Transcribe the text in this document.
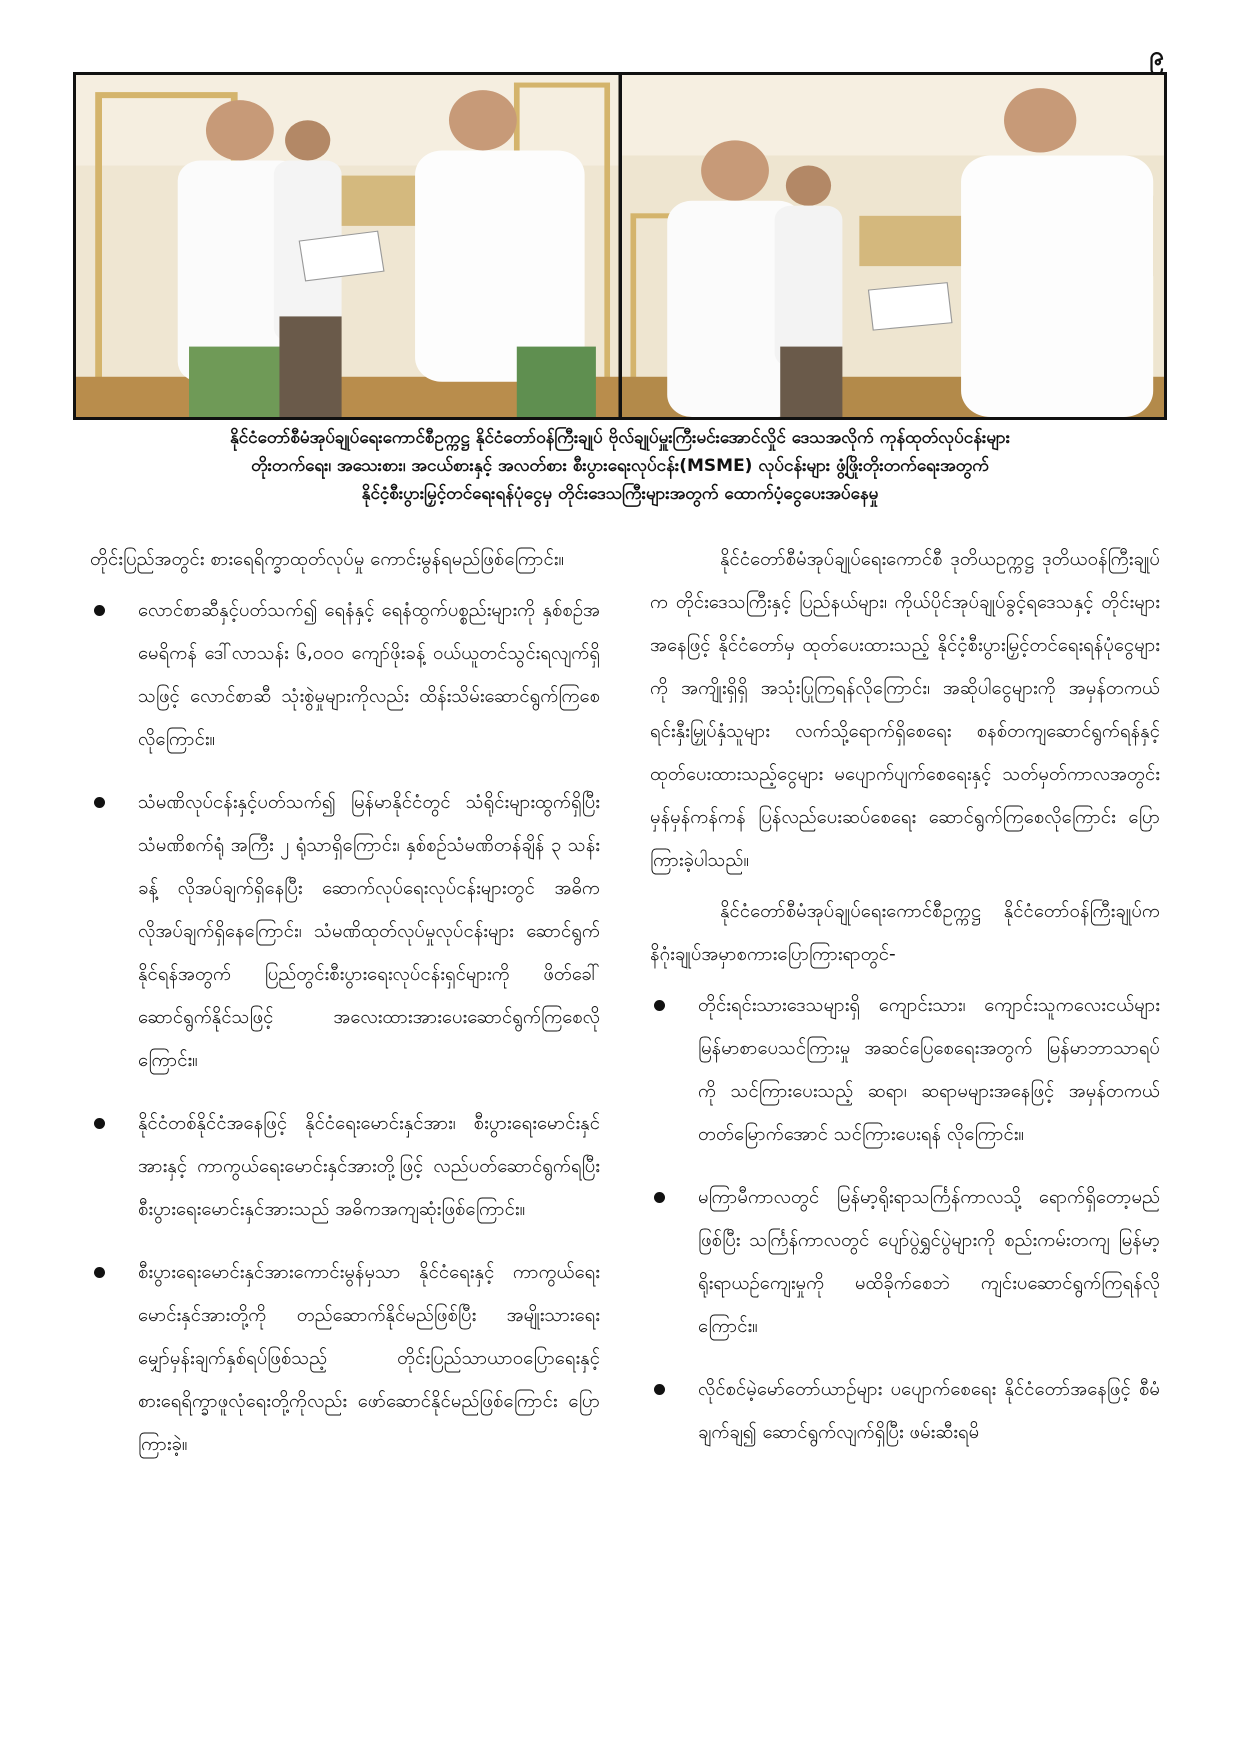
၉
နိုင်ငံတော်စီမံအုပ်ချုပ်ရေးကောင်စီဥက္ကဋ္ဌ နိုင်ငံတော်ဝန်ကြီးချုပ် ဗိုလ်ချုပ်မှူးကြီးမင်းအောင်လှိုင် ဒေသအလိုက် ကုန်ထုတ်လုပ်ငန်းများ
တိုးတက်ရေး၊ အသေးစား၊ အငယ်စားနှင့် အလတ်စား စီးပွားရေးလုပ်ငန်း(MSME) လုပ်ငန်းများ ဖွံ့ဖြိုးတိုးတက်ရေးအတွက်
နိုင်ငံ့စီးပွားမြှင့်တင်ရေးရန်ပုံငွေမှ တိုင်းဒေသကြီးများအတွက် ထောက်ပံ့ငွေပေးအပ်နေမှု

တိုင်းပြည်အတွင်း စားရေရိက္ခာထုတ်လုပ်မှု ကောင်းမွန်ရမည်ဖြစ်ကြောင်း။

လောင်စာဆီနှင့်ပတ်သက်၍ ရေနံနှင့် ရေနံထွက်ပစ္စည်းများကို နှစ်စဉ်အမေရိကန် ဒေါ်လာသန်း ၆,၀၀၀ ကျော်ဖိုးခန့် ဝယ်ယူတင်သွင်းရလျက်ရှိသဖြင့် လောင်စာဆီ သုံးစွဲမှုများကိုလည်း ထိန်းသိမ်းဆောင်ရွက်ကြစေလိုကြောင်း။
သံမဏိလုပ်ငန်းနှင့်ပတ်သက်၍ မြန်မာနိုင်ငံတွင် သံရိုင်းများထွက်ရှိပြီး သံမဏိစက်ရုံ အကြီး ၂ ရုံသာရှိကြောင်း၊ နှစ်စဉ်သံမဏိတန်ချိန် ၃ သန်းခန့် လိုအပ်ချက်ရှိနေပြီး ဆောက်လုပ်ရေးလုပ်ငန်းများတွင် အဓိကလိုအပ်ချက်ရှိနေကြောင်း၊ သံမဏိထုတ်လုပ်မှုလုပ်ငန်းများ ဆောင်ရွက်နိုင်ရန်အတွက် ပြည်တွင်းစီးပွားရေးလုပ်ငန်းရှင်များကို ဖိတ်ခေါ်ဆောင်ရွက်နိုင်သဖြင့် အလေးထားအားပေးဆောင်ရွက်ကြစေလိုကြောင်း။
နိုင်ငံတစ်နိုင်ငံအနေဖြင့် နိုင်ငံရေးမောင်းနှင်အား၊ စီးပွားရေးမောင်းနှင်အားနှင့် ကာကွယ်ရေးမောင်းနှင်အားတို့ဖြင့် လည်ပတ်ဆောင်ရွက်ရပြီး စီးပွားရေးမောင်းနှင်အားသည် အဓိကအကျဆုံးဖြစ်ကြောင်း။
စီးပွားရေးမောင်းနှင်အားကောင်းမွန်မှသာ နိုင်ငံရေးနှင့် ကာကွယ်ရေး မောင်းနှင်အားတို့ကို တည်ဆောက်နိုင်မည်ဖြစ်ပြီး အမျိုးသားရေး မျှော်မှန်းချက်နှစ်ရပ်ဖြစ်သည့် တိုင်းပြည်သာယာဝပြောရေးနှင့် စားရေရိက္ခာဖူလုံရေးတို့ကိုလည်း ဖော်ဆောင်နိုင်မည်ဖြစ်ကြောင်း ပြောကြားခဲ့။

နိုင်ငံတော်စီမံအုပ်ချုပ်ရေးကောင်စီ ဒုတိယဥက္ကဋ္ဌ ဒုတိယဝန်ကြီးချုပ်က တိုင်းဒေသကြီးနှင့် ပြည်နယ်များ၊ ကိုယ်ပိုင်အုပ်ချုပ်ခွင့်ရဒေသနှင့် တိုင်းများအနေဖြင့် နိုင်ငံတော်မှ ထုတ်ပေးထားသည့် နိုင်ငံ့စီးပွားမြှင့်တင်ရေးရန်ပုံငွေများကို အကျိုးရှိရှိ အသုံးပြုကြရန်လိုကြောင်း၊ အဆိုပါငွေများကို အမှန်တကယ်ရင်းနှီးမြှုပ်နှံသူများ လက်သို့ရောက်ရှိစေရေး စနစ်တကျဆောင်ရွက်ရန်နှင့် ထုတ်ပေးထားသည့်ငွေများ မပျောက်ပျက်စေရေးနှင့် သတ်မှတ်ကာလအတွင်း မှန်မှန်ကန်ကန် ပြန်လည်ပေးဆပ်စေရေး ဆောင်ရွက်ကြစေလိုကြောင်း ပြောကြားခဲ့ပါသည်။

နိုင်ငံတော်စီမံအုပ်ချုပ်ရေးကောင်စီဥက္ကဋ္ဌ နိုင်ငံတော်ဝန်ကြီးချုပ်က နိဂုံးချုပ်အမှာစကားပြောကြားရာတွင်-

တိုင်းရင်းသားဒေသများရှိ ကျောင်းသား၊ ကျောင်းသူကလေးငယ်များ မြန်မာစာပေသင်ကြားမှု အဆင်ပြေစေရေးအတွက် မြန်မာဘာသာရပ်ကို သင်ကြားပေးသည့် ဆရာ၊ ဆရာမများအနေဖြင့် အမှန်တကယ် တတ်မြောက်အောင် သင်ကြားပေးရန် လိုကြောင်း။
မကြာမီကာလတွင် မြန်မာ့ရိုးရာသင်္ကြန်ကာလသို့ ရောက်ရှိတော့မည်ဖြစ်ပြီး သင်္ကြန်ကာလတွင် ပျော်ပွဲရွှင်ပွဲများကို စည်းကမ်းတကျ မြန်မာ့ရိုးရာယဉ်ကျေးမှုကို မထိခိုက်စေဘဲ ကျင်းပဆောင်ရွက်ကြရန်လိုကြောင်း။
လိုင်စင်မဲ့မော်တော်ယာဉ်များ ပပျောက်စေရေး နိုင်ငံတော်အနေဖြင့် စီမံချက်ချ၍ ဆောင်ရွက်လျက်ရှိပြီး ဖမ်းဆီးရမိ
